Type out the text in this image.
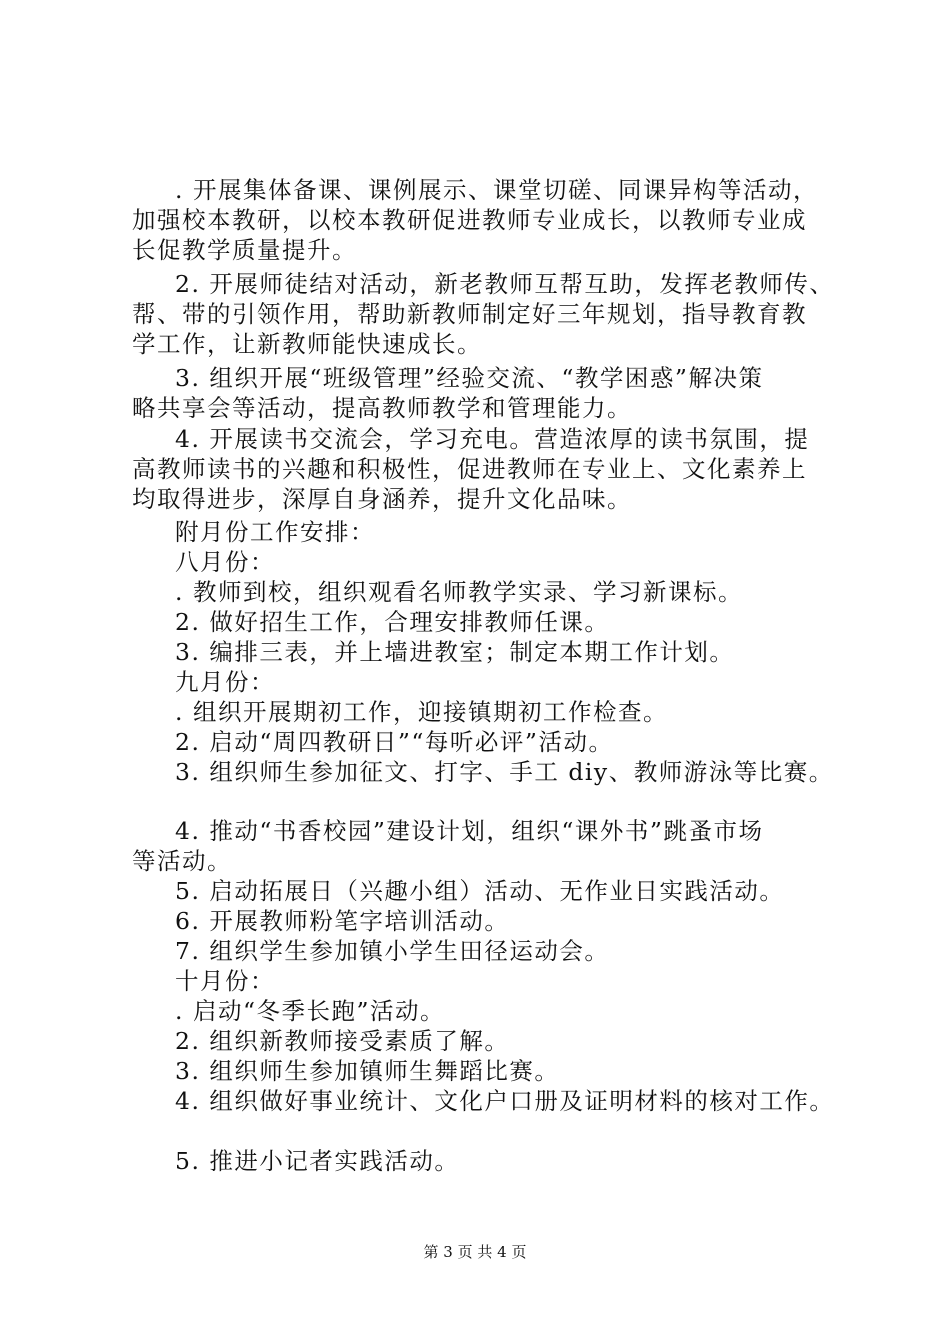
. 开展集体备课、课例展示、课堂切磋、同课异构等活动，
加强校本教研，以校本教研促进教师专业成长，以教师专业成
长促教学质量提升。
2. 开展师徒结对活动，新老教师互帮互助，发挥老教师传、
帮、带的引领作用，帮助新教师制定好三年规划，指导教育教
学工作，让新教师能快速成长。
3. 组织开展“班级管理”经验交流、“教学困惑”解决策
略共享会等活动，提高教师教学和管理能力。
4. 开展读书交流会，学习充电。营造浓厚的读书氛围，提
高教师读书的兴趣和积极性，促进教师在专业上、文化素养上
均取得进步，深厚自身涵养，提升文化品味。
附月份工作安排：
八月份：
. 教师到校，组织观看名师教学实录、学习新课标。
2. 做好招生工作，合理安排教师任课。
3. 编排三表，并上墙进教室；制定本期工作计划。
九月份：
. 组织开展期初工作，迎接镇期初工作检查。
2. 启动“周四教研日”“每听必评”活动。
3. 组织师生参加征文、打字、手工 diy、教师游泳等比赛。
4. 推动“书香校园”建设计划，组织“课外书”跳蚤市场
等活动。
5. 启动拓展日（兴趣小组）活动、无作业日实践活动。
6. 开展教师粉笔字培训活动。
7. 组织学生参加镇小学生田径运动会。
十月份：
. 启动“冬季长跑”活动。
2. 组织新教师接受素质了解。
3. 组织师生参加镇师生舞蹈比赛。
4. 组织做好事业统计、文化户口册及证明材料的核对工作。
5. 推进小记者实践活动。
第 3 页 共 4 页
